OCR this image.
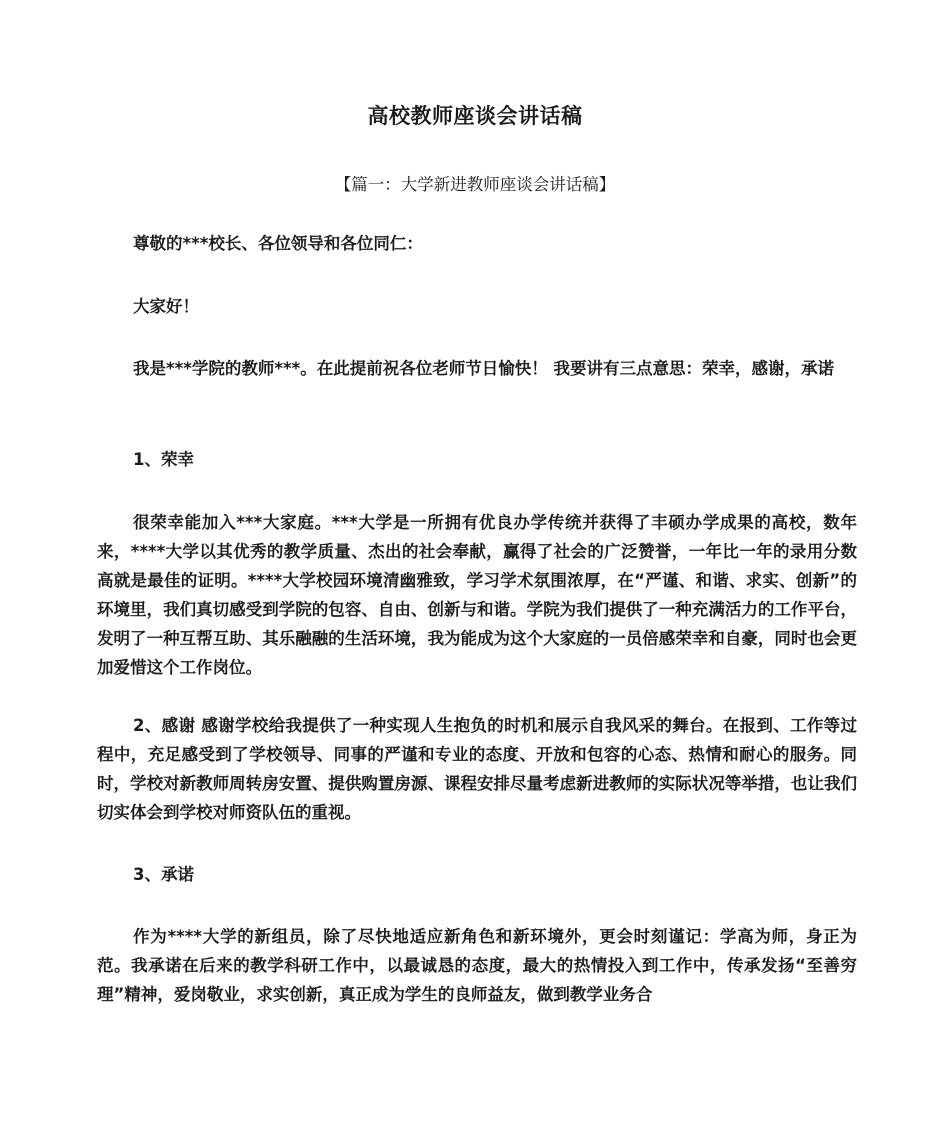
高校教师座谈会讲话稿
【篇一：大学新进教师座谈会讲话稿】

尊敬的***校长、各位领导和各位同仁：

大家好！

我是***学院的教师***。在此提前祝各位老师节日愉快！ 我要讲有三点意思：荣幸，感谢，承诺

1、荣幸

很荣幸能加入***大家庭。***大学是一所拥有优良办学传统并获得了丰硕办学成果的高校，数年来，****大学以其优秀的教学质量、杰出的社会奉献，赢得了社会的广泛赞誉，一年比一年的录用分数高就是最佳的证明。****大学校园环境清幽雅致，学习学术氛围浓厚，在“严谨、和谐、求实、创新”的环境里，我们真切感受到学院的包容、自由、创新与和谐。学院为我们提供了一种充满活力的工作平台，发明了一种互帮互助、其乐融融的生活环境，我为能成为这个大家庭的一员倍感荣幸和自豪，同时也会更加爱惜这个工作岗位。

2、感谢 感谢学校给我提供了一种实现人生抱负的时机和展示自我风采的舞台。在报到、工作等过程中，充足感受到了学校领导、同事的严谨和专业的态度、开放和包容的心态、热情和耐心的服务。同时，学校对新教师周转房安置、提供购置房源、课程安排尽量考虑新进教师的实际状况等举措，也让我们切实体会到学校对师资队伍的重视。

3、承诺

作为****大学的新组员，除了尽快地适应新角色和新环境外，更会时刻谨记：学高为师，身正为范。我承诺在后来的教学科研工作中，以最诚恳的态度，最大的热情投入到工作中，传承发扬“至善穷理”精神，爱岗敬业，求实创新，真正成为学生的良师益友，做到教学业务合
